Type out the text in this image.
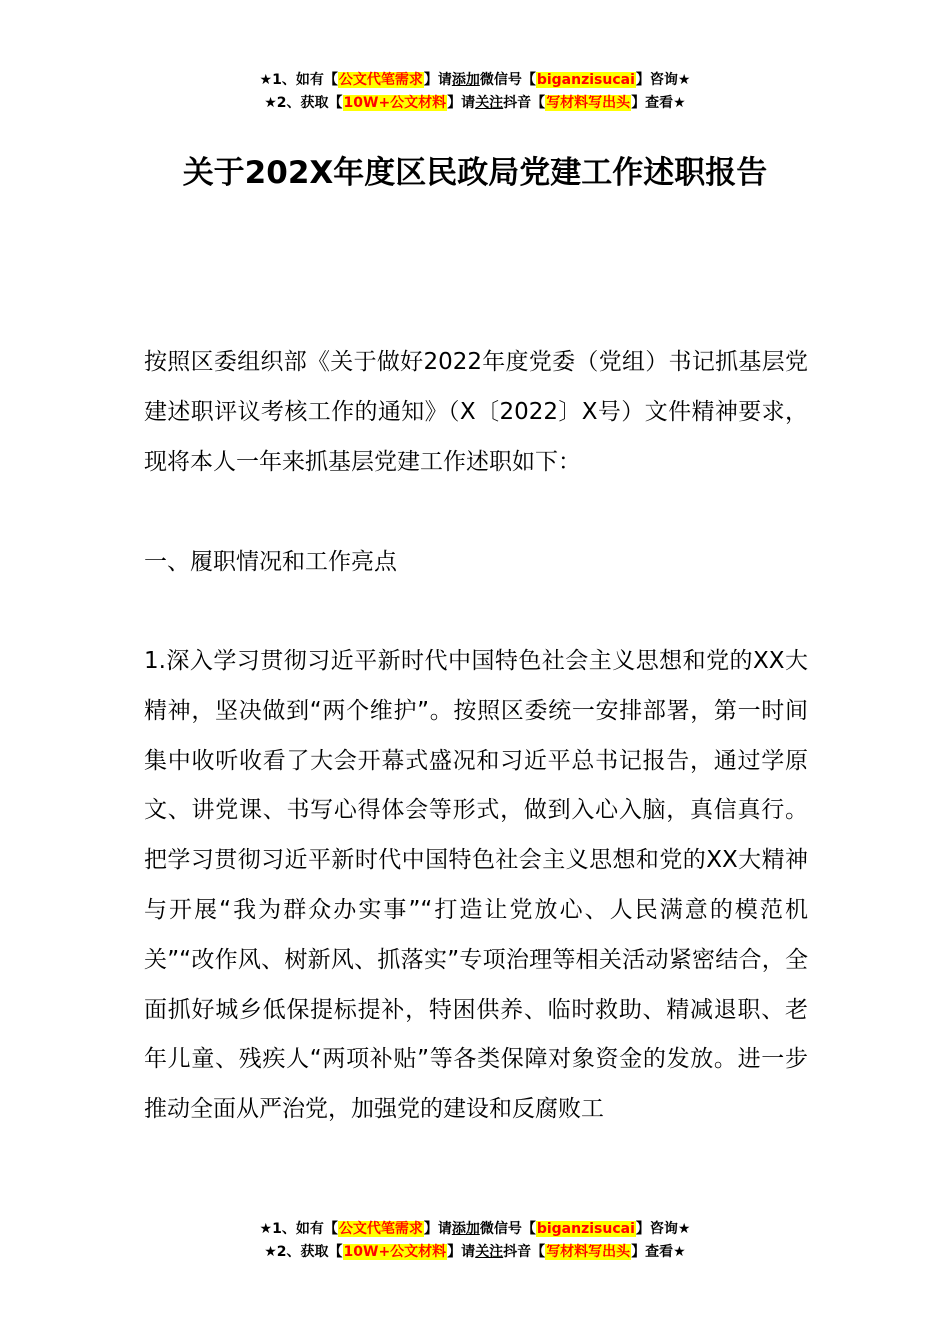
★1、如有【公文代笔需求】请添加微信号【biganzisucai】咨询★
★2、获取【10W+公文材料】请关注抖音【写材料写出头】查看★
关于202X年度区民政局党建工作述职报告

按照区委组织部《关于做好2022年度党委（党组）书记抓基层党建述职评议考核工作的通知》（X〔2022〕X号）文件精神要求，现将本人一年来抓基层党建工作述职如下：

一、履职情况和工作亮点

1.深入学习贯彻习近平新时代中国特色社会主义思想和党的XX大精神，坚决做到“两个维护”。按照区委统一安排部署，第一时间集中收听收看了大会开幕式盛况和习近平总书记报告，通过学原文、讲党课、书写心得体会等形式，做到入心入脑，真信真行。把学习贯彻习近平新时代中国特色社会主义思想和党的XX大精神与开展“我为群众办实事”“打造让党放心、人民满意的模范机关”“改作风、树新风、抓落实”专项治理等相关活动紧密结合，全面抓好城乡低保提标提补，特困供养、临时救助、精减退职、老年儿童、残疾人“两项补贴”等各类保障对象资金的发放。进一步推动全面从严治党，加强党的建设和反腐败工

★1、如有【公文代笔需求】请添加微信号【biganzisucai】咨询★
★2、获取【10W+公文材料】请关注抖音【写材料写出头】查看★
